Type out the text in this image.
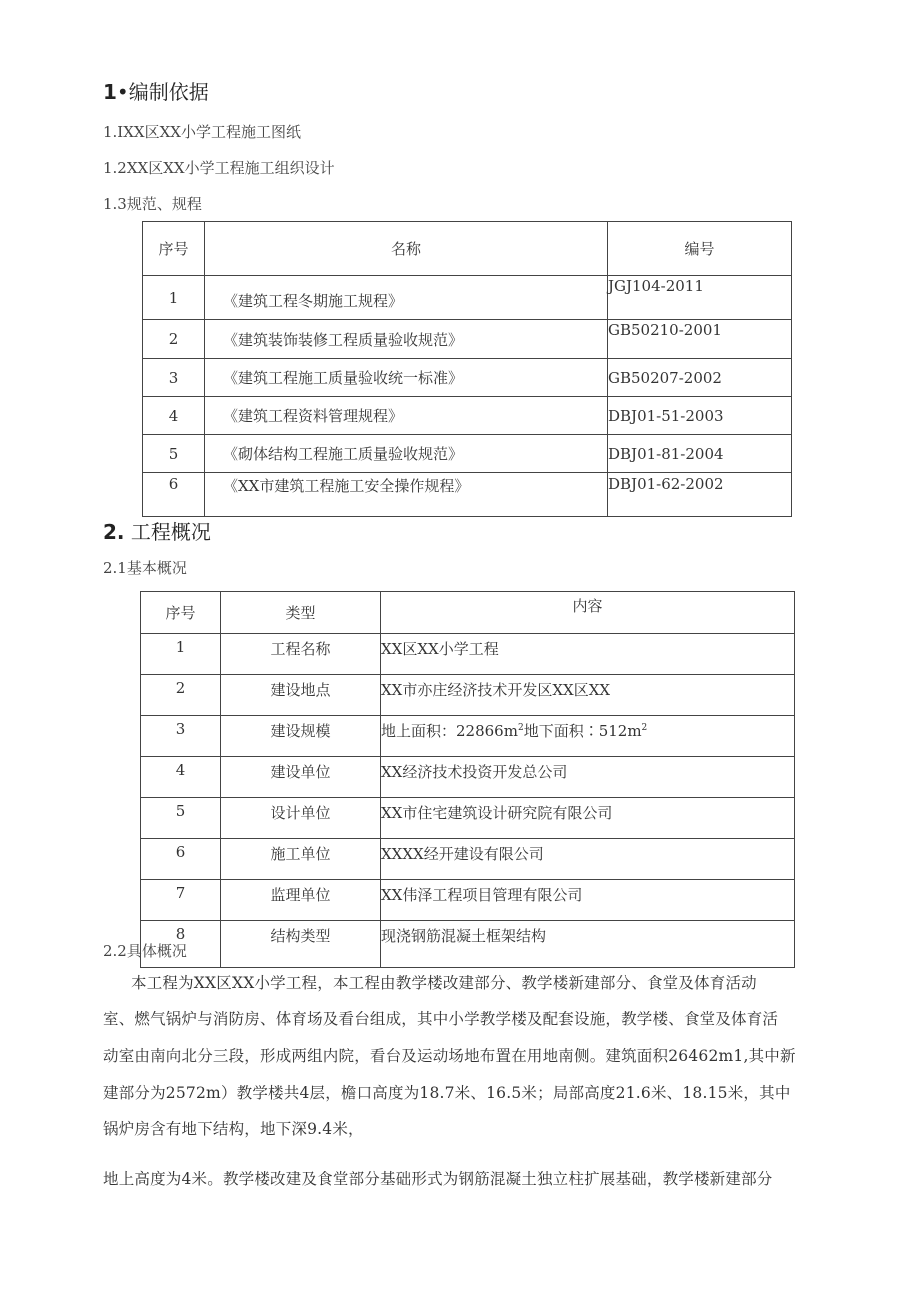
1•编制依据
1.IXX区XX小学工程施工图纸
1.2XX区XX小学工程施工组织设计
1.3规范、规程
序号	名称	编号
1	《建筑工程冬期施工规程》	JGJ104-2011
2	《建筑装饰装修工程质量验收规范》	GB50210-2001
3	《建筑工程施工质量验收统一标准》	GB50207-2002
4	《建筑工程资料管理规程》	DBJ01-51-2003
5	《砌体结构工程施工质量验收规范》	DBJ01-81-2004
6	《XX市建筑工程施工安全操作规程》	DBJ01-62-2002
2. 工程概况
2.1基本概况
序号	类型	内容
1	工程名称	XX区XX小学工程
2	建设地点	XX市亦庄经济技术开发区XX区XX
3	建设规模	地上面积：$22866m^2$地下面积$∶512m^2$
4	建设单位	XX经济技术投资开发总公司
5	设计单位	XX市住宅建筑设计研究院有限公司
6	施工单位	XXXX经开建设有限公司
7	监理单位	XX伟泽工程项目管理有限公司
8	结构类型	现浇钢筋混凝土框架结构
2.2具体概况
本工程为XX区XX小学工程，本工程由教学楼改建部分、教学楼新建部分、食堂及体育活动
室、燃气锅炉与消防房、体育场及看台组成，其中小学教学楼及配套设施，教学楼、食堂及体育活
动室由南向北分三段，形成两组内院，看台及运动场地布置在用地南侧。建筑面积26462m1,其中新
建部分为2572m）教学楼共4层，檐口高度为18.7米、16.5米；局部高度21.6米、18.15米，其中
锅炉房含有地下结构，地下深9.4米，
地上高度为4米。教学楼改建及食堂部分基础形式为钢筋混凝土独立柱扩展基础，教学楼新建部分
